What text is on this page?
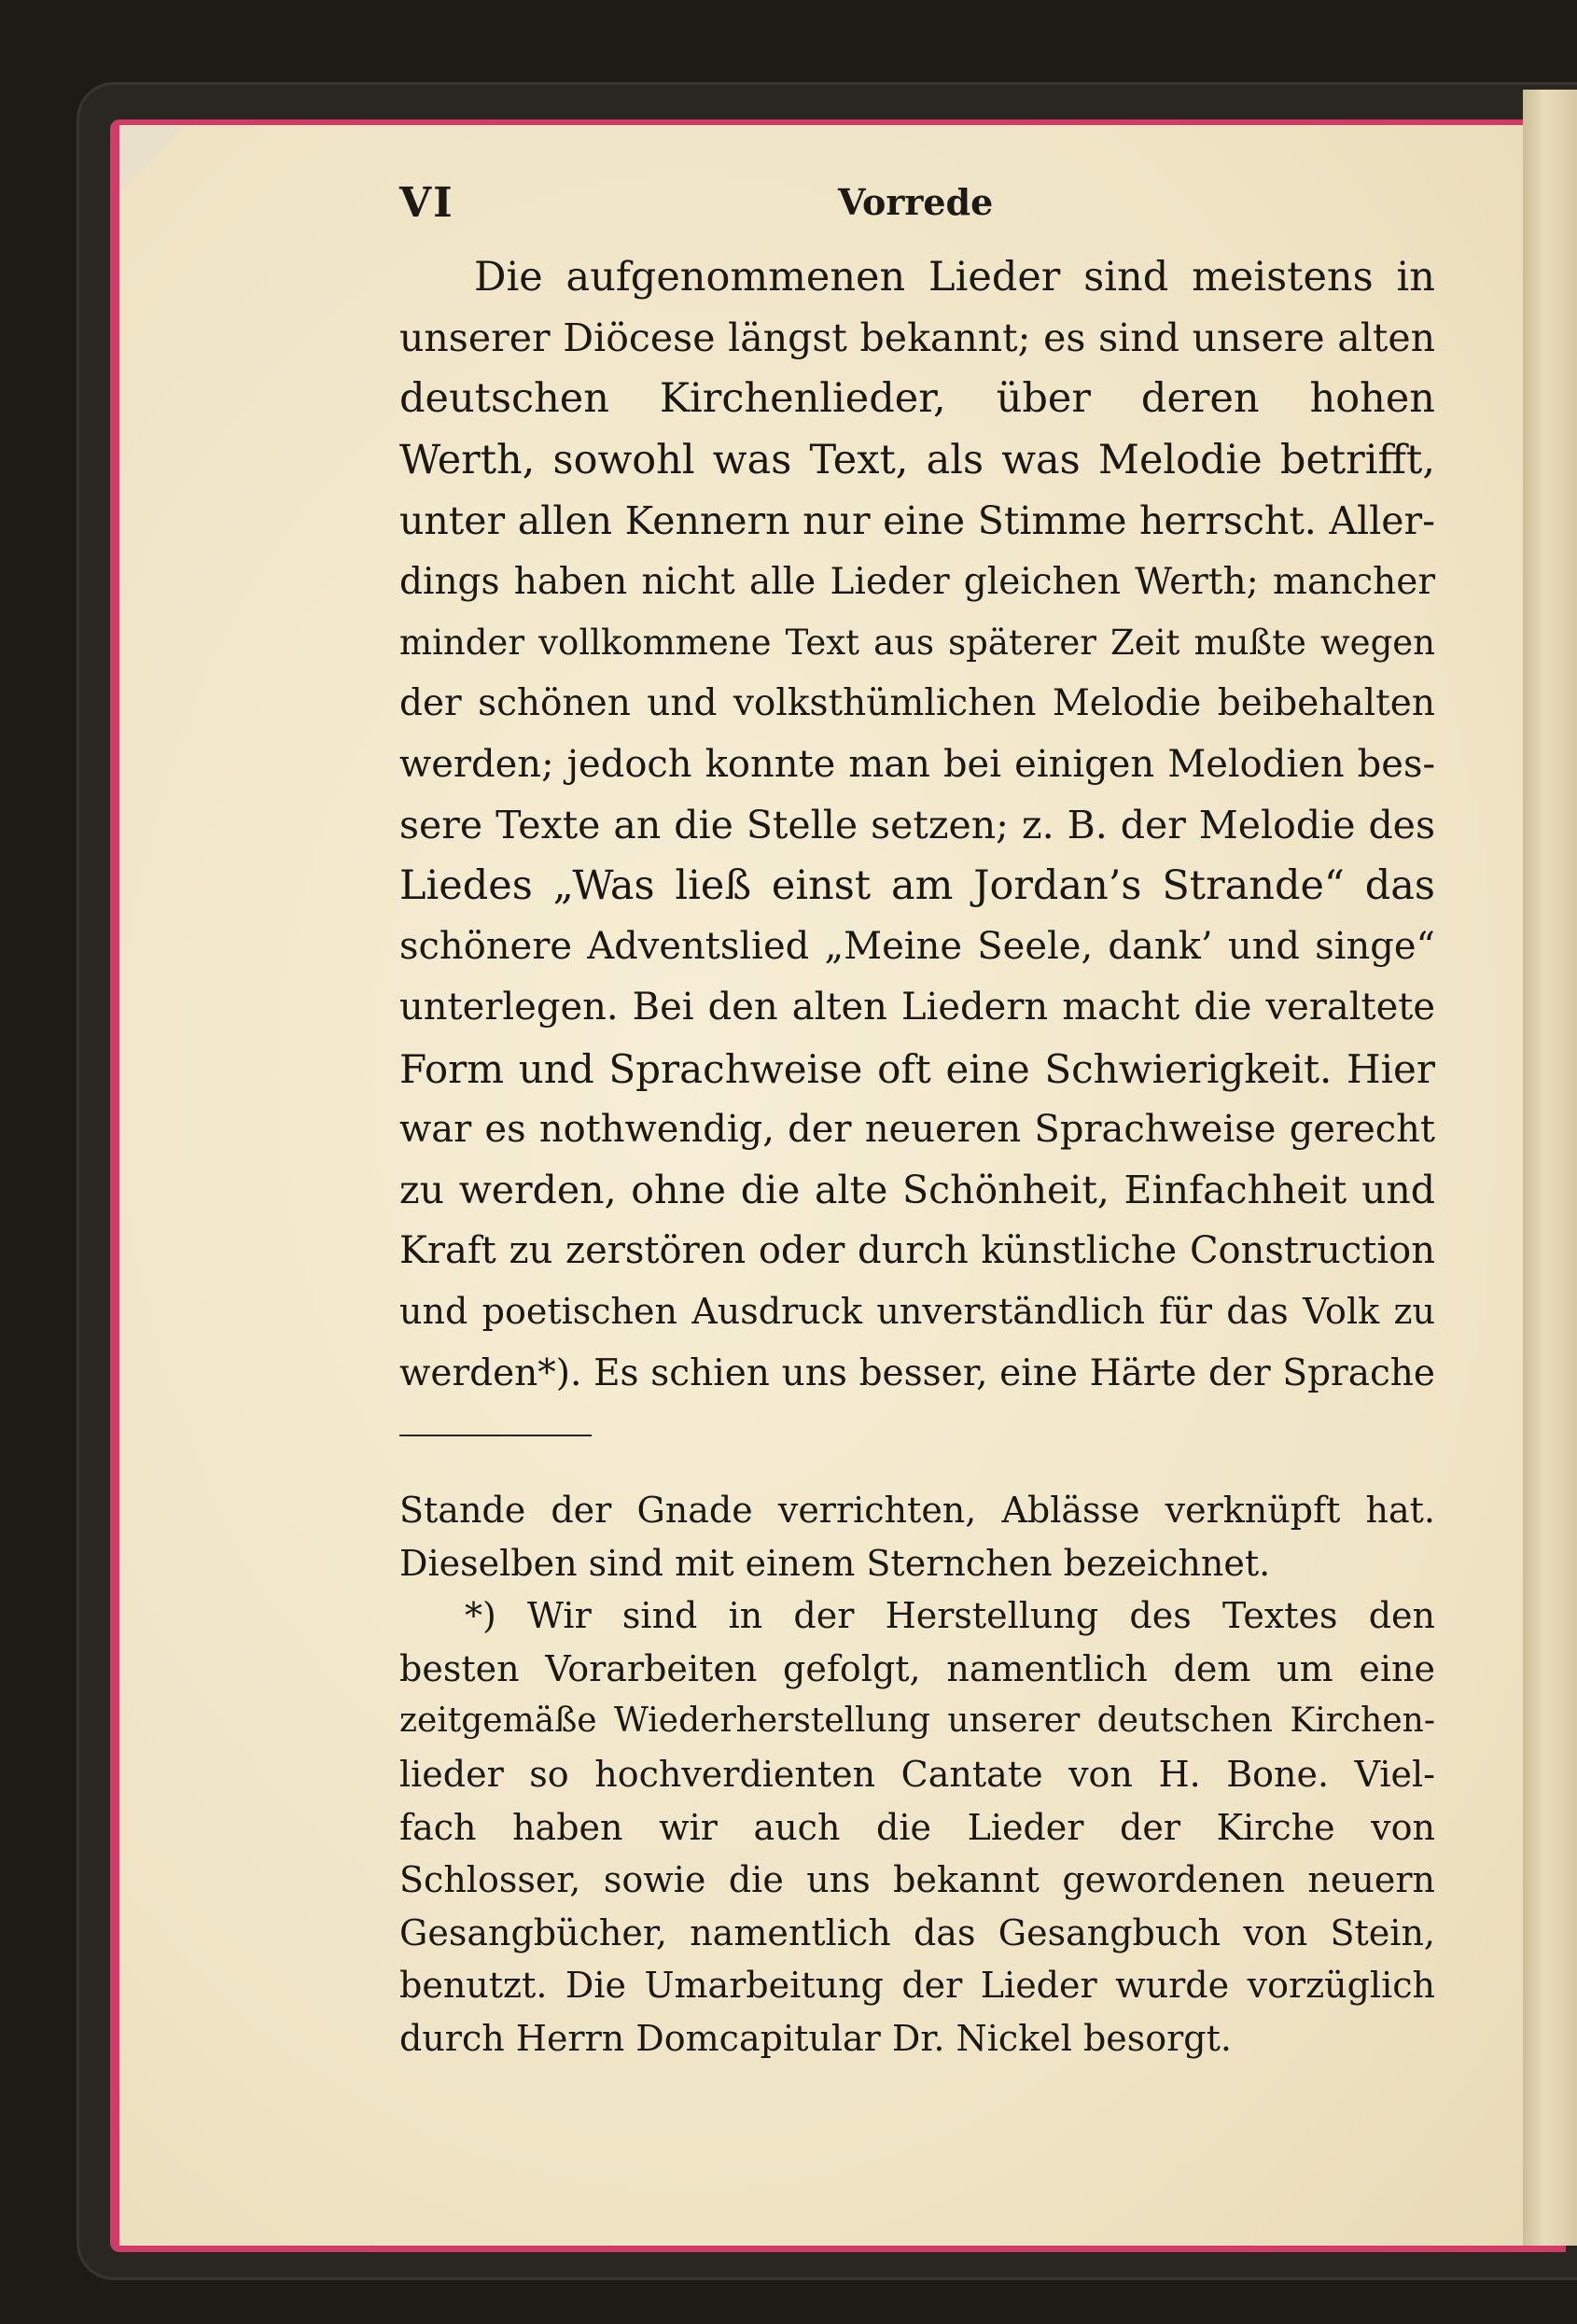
VI	Vorrede
Die aufgenommenen Lieder sind meistens in
unserer Diöcese längst bekannt; es sind unsere alten
deutschen Kirchenlieder, über deren hohen
Werth, sowohl was Text, als was Melodie betrifft,
unter allen Kennern nur eine Stimme herrscht. Aller-
dings haben nicht alle Lieder gleichen Werth; mancher
minder vollkommene Text aus späterer Zeit mußte wegen
der schönen und volksthümlichen Melodie beibehalten
werden; jedoch konnte man bei einigen Melodien bes-
sere Texte an die Stelle setzen; z. B. der Melodie des
Liedes „Was ließ einst am Jordan’s Strande“ das
schönere Adventslied „Meine Seele, dank’ und singe“
unterlegen. Bei den alten Liedern macht die veraltete
Form und Sprachweise oft eine Schwierigkeit. Hier
war es nothwendig, der neueren Sprachweise gerecht
zu werden, ohne die alte Schönheit, Einfachheit und
Kraft zu zerstören oder durch künstliche Construction
und poetischen Ausdruck unverständlich für das Volk zu
werden*). Es schien uns besser, eine Härte der Sprache
Stande der Gnade verrichten, Ablässe verknüpft hat.
Dieselben sind mit einem Sternchen bezeichnet.
*) Wir sind in der Herstellung des Textes den
besten Vorarbeiten gefolgt, namentlich dem um eine
zeitgemäße Wiederherstellung unserer deutschen Kirchen-
lieder so hochverdienten Cantate von H. Bone. Viel-
fach haben wir auch die Lieder der Kirche von
Schlosser, sowie die uns bekannt gewordenen neuern
Gesangbücher, namentlich das Gesangbuch von Stein,
benutzt. Die Umarbeitung der Lieder wurde vorzüglich
durch Herrn Domcapitular Dr. Nickel besorgt.
